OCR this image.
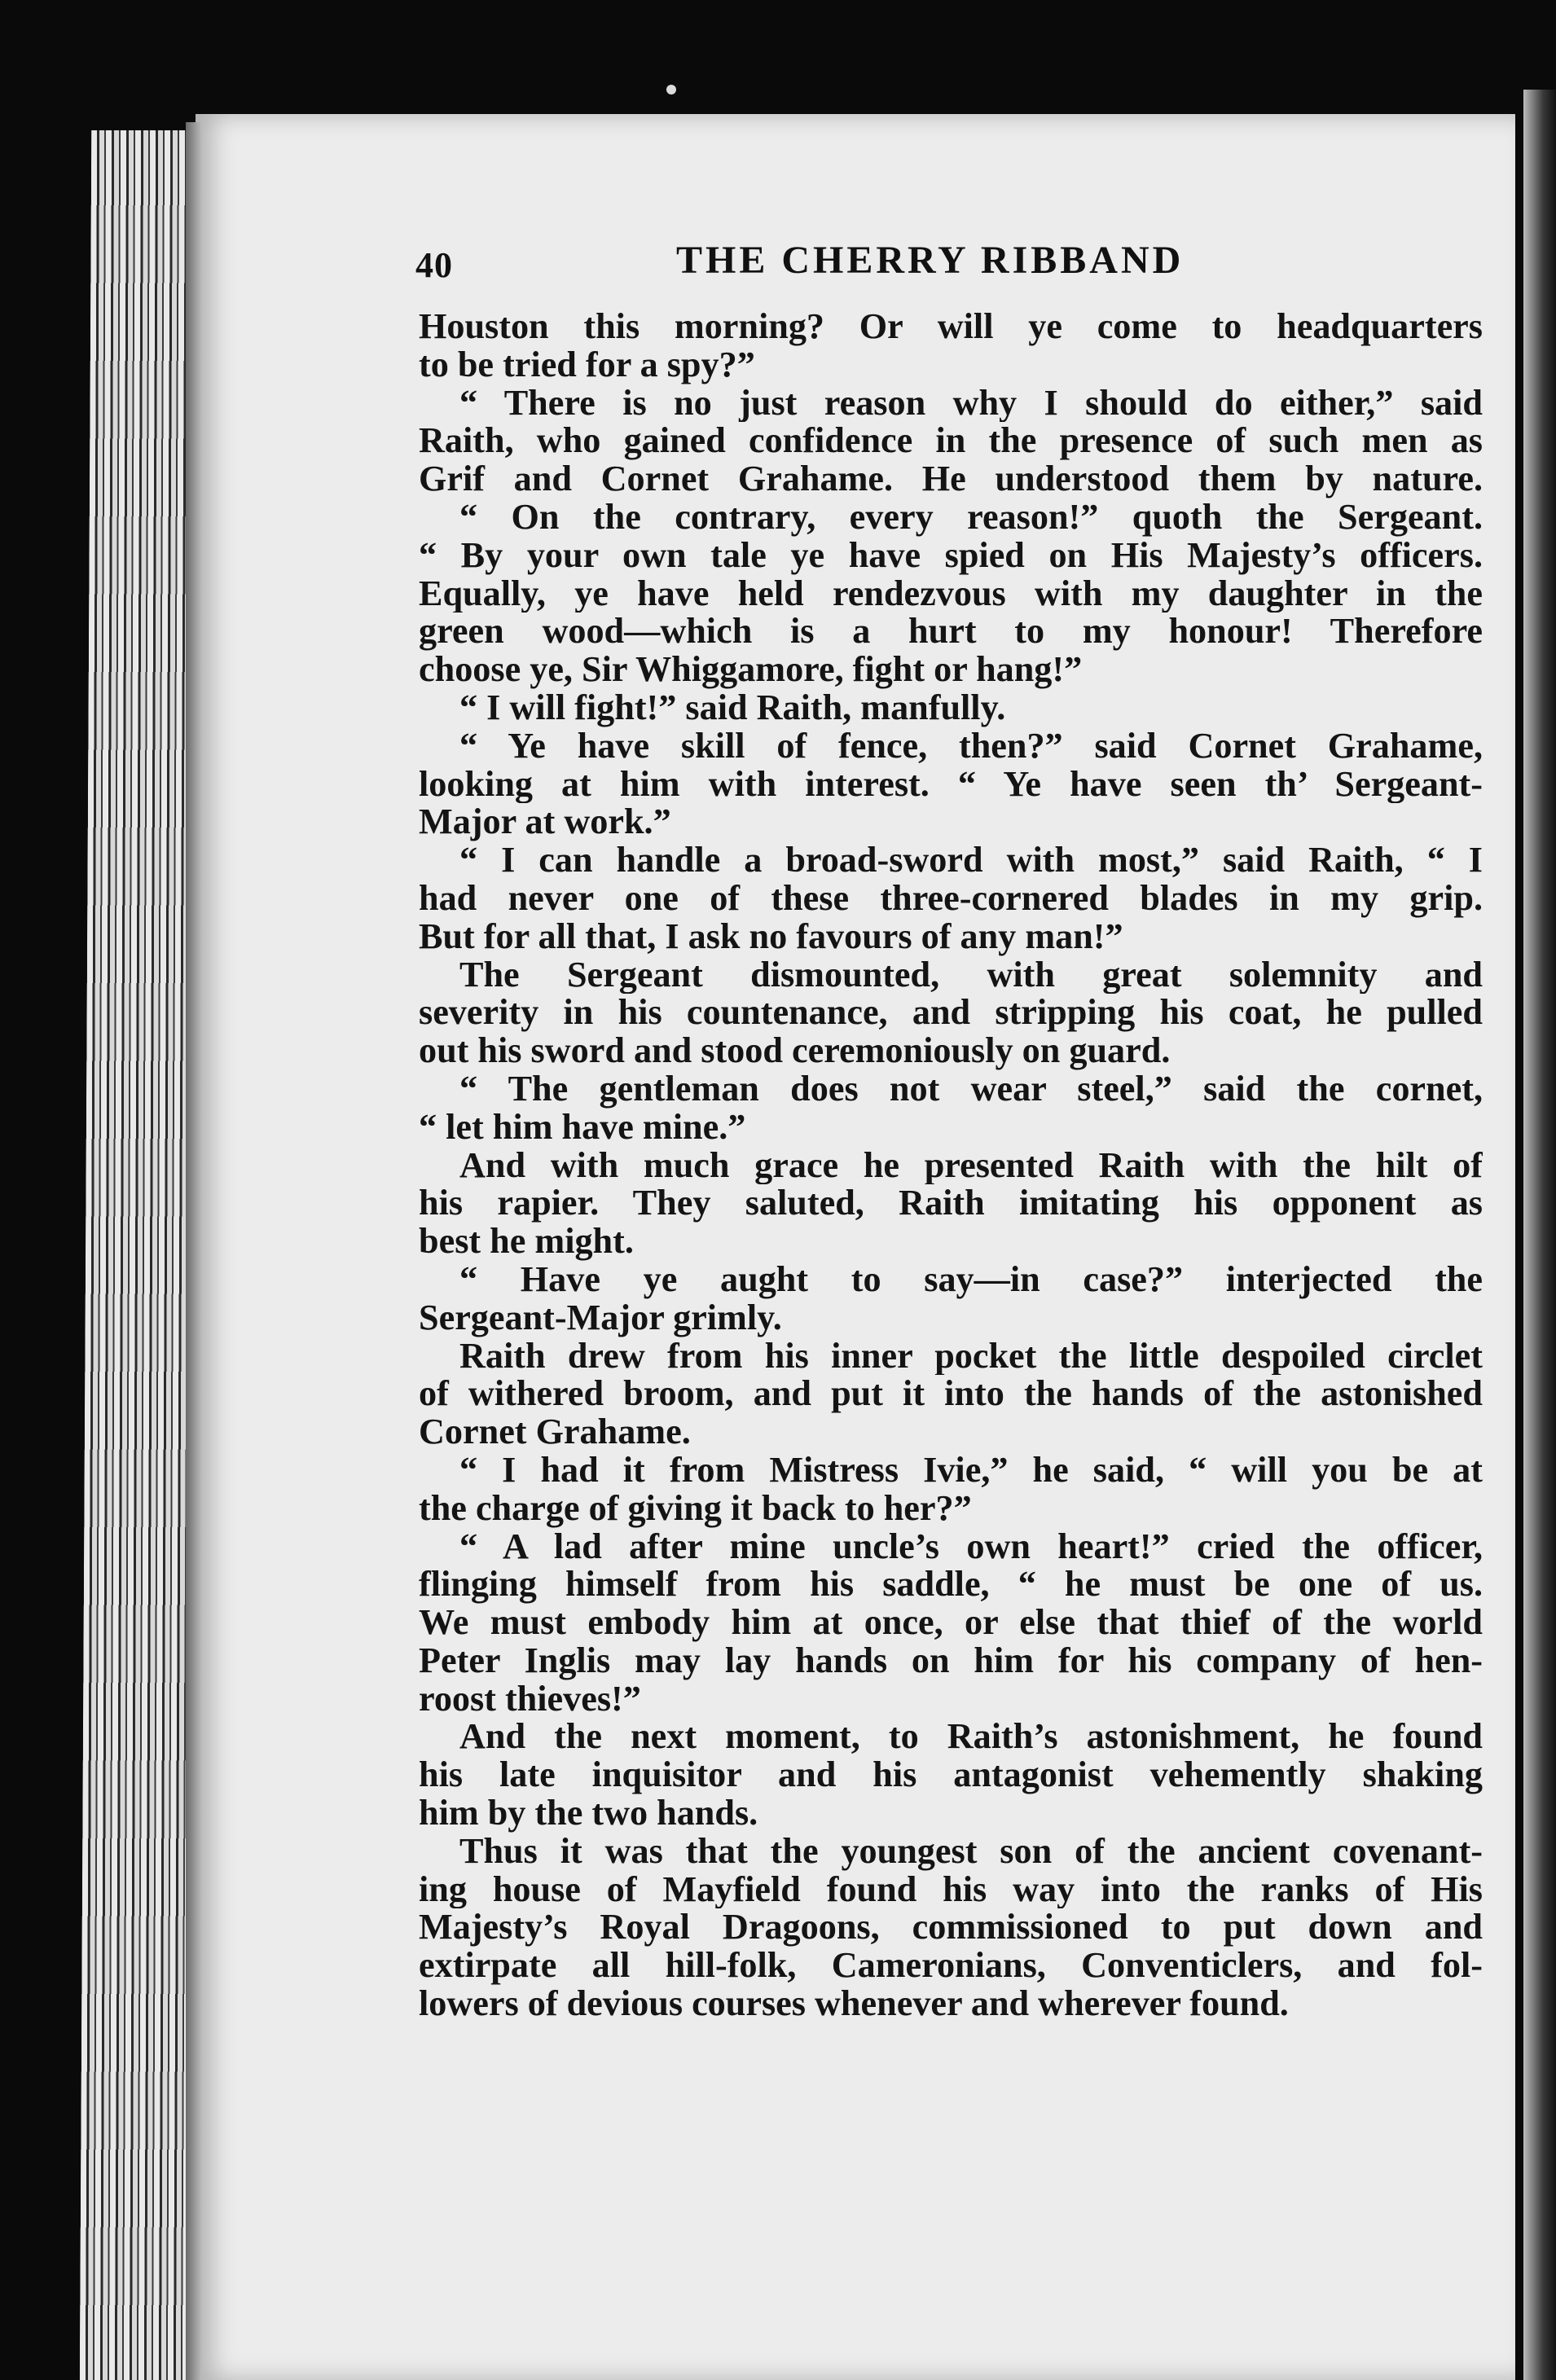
40	THE CHERRY RIBBAND
Houston this morning? Or will ye come to headquarters
to be tried for a spy?”
“ There is no just reason why I should do either,” said
Raith, who gained confidence in the presence of such men as
Grif and Cornet Grahame. He understood them by nature.
“ On the contrary, every reason!” quoth the Sergeant.
“ By your own tale ye have spied on His Majesty’s officers.
Equally, ye have held rendezvous with my daughter in the
green wood—which is a hurt to my honour! Therefore
choose ye, Sir Whiggamore, fight or hang!”
“ I will fight!” said Raith, manfully.
“ Ye have skill of fence, then?” said Cornet Grahame,
looking at him with interest. “ Ye have seen th’ Sergeant-
Major at work.”
“ I can handle a broad-sword with most,” said Raith, “ I
had never one of these three-cornered blades in my grip.
But for all that, I ask no favours of any man!”
The Sergeant dismounted, with great solemnity and
severity in his countenance, and stripping his coat, he pulled
out his sword and stood ceremoniously on guard.
“ The gentleman does not wear steel,” said the cornet,
“ let him have mine.”
And with much grace he presented Raith with the hilt of
his rapier. They saluted, Raith imitating his opponent as
best he might.
“ Have ye aught to say—in case?” interjected the
Sergeant-Major grimly.
Raith drew from his inner pocket the little despoiled circlet
of withered broom, and put it into the hands of the astonished
Cornet Grahame.
“ I had it from Mistress Ivie,” he said, “ will you be at
the charge of giving it back to her?”
“ A lad after mine uncle’s own heart!” cried the officer,
flinging himself from his saddle, “ he must be one of us.
We must embody him at once, or else that thief of the world
Peter Inglis may lay hands on him for his company of hen-
roost thieves!”
And the next moment, to Raith’s astonishment, he found
his late inquisitor and his antagonist vehemently shaking
him by the two hands.
Thus it was that the youngest son of the ancient covenant-
ing house of Mayfield found his way into the ranks of His
Majesty’s Royal Dragoons, commissioned to put down and
extirpate all hill-folk, Cameronians, Conventiclers, and fol-
lowers of devious courses whenever and wherever found.
